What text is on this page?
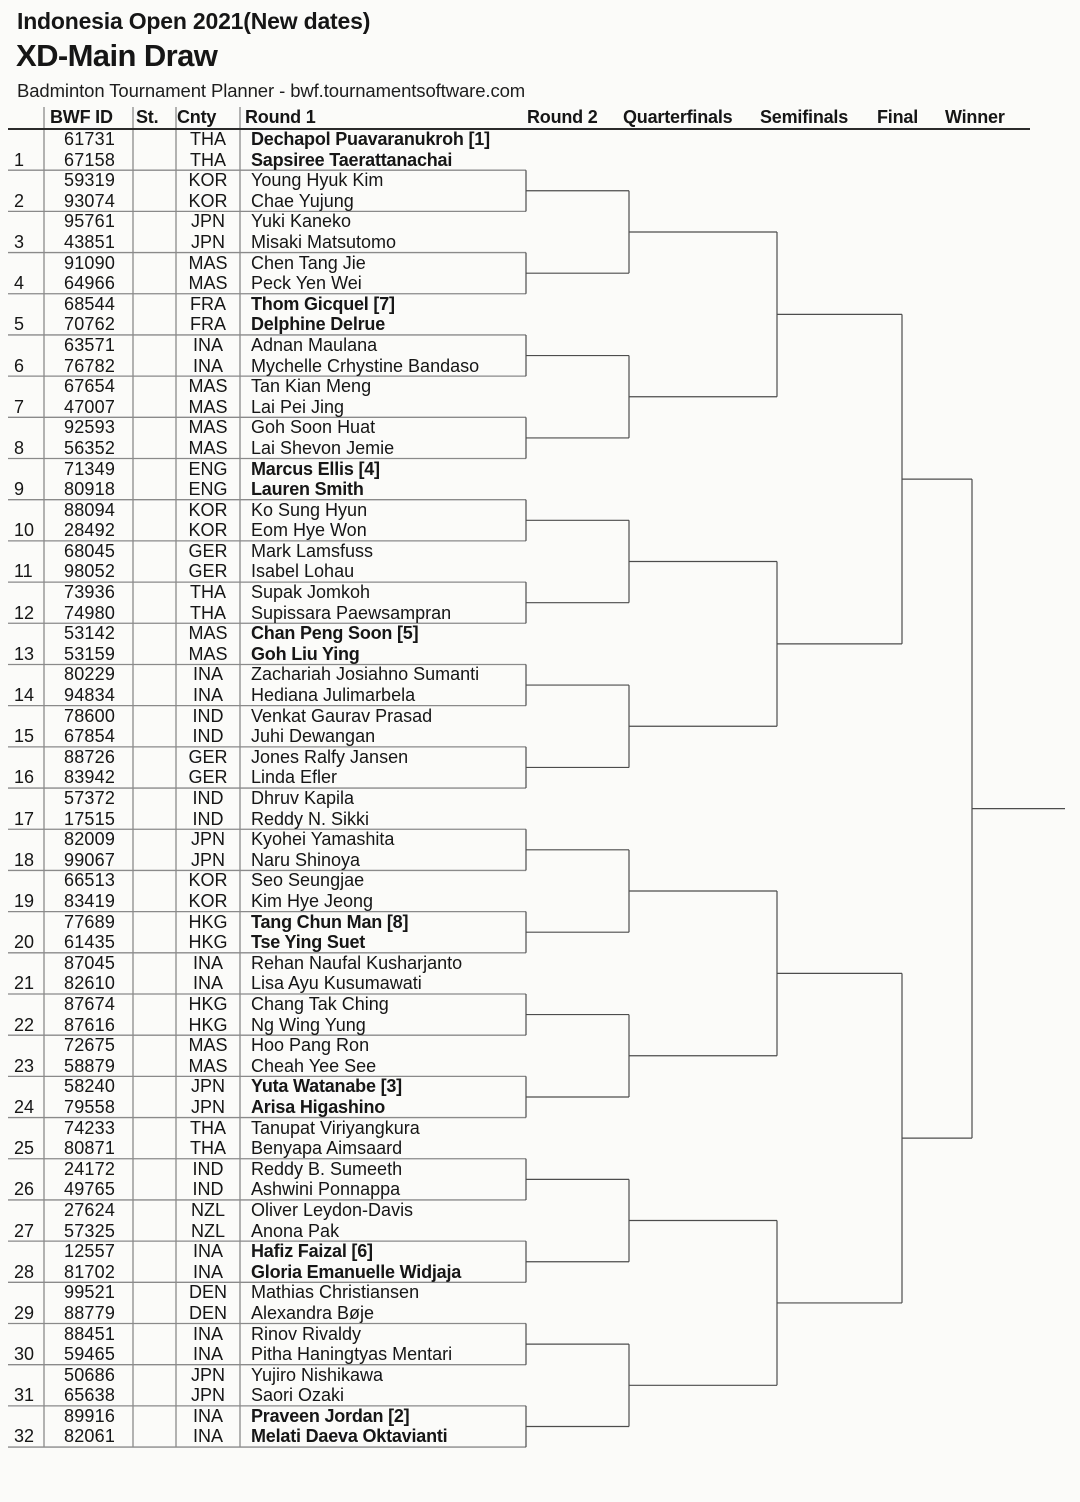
Indonesia Open 2021(New dates)
XD-Main Draw
Badminton Tournament Planner - bwf.tournamentsoftware.com
BWF ID St. Cnty Round 1	Round 2 Quarterfinals Semifinals Final Winner
61731	THA	Dechapol Puavaranukroh [1]
1	67158	THA	Sapsiree Taerattanachai
59319	KOR	Young Hyuk Kim
2	93074	KOR	Chae Yujung
95761	JPN	Yuki Kaneko
3	43851	JPN	Misaki Matsutomo
91090	MAS	Chen Tang Jie
4	64966	MAS	Peck Yen Wei
68544	FRA	Thom Gicquel [7]
5	70762	FRA	Delphine Delrue
63571	INA	Adnan Maulana
6	76782	INA	Mychelle Crhystine Bandaso
67654	MAS	Tan Kian Meng
7	47007	MAS	Lai Pei Jing
92593	MAS	Goh Soon Huat
8	56352	MAS	Lai Shevon Jemie
71349	ENG	Marcus Ellis [4]
9	80918	ENG	Lauren Smith
88094	KOR	Ko Sung Hyun
10	28492	KOR	Eom Hye Won
68045	GER	Mark Lamsfuss
11	98052	GER	Isabel Lohau
73936	THA	Supak Jomkoh
12	74980	THA	Supissara Paewsampran
53142	MAS	Chan Peng Soon [5]
13	53159	MAS	Goh Liu Ying
80229	INA	Zachariah Josiahno Sumanti
14	94834	INA	Hediana Julimarbela
78600	IND	Venkat Gaurav Prasad
15	67854	IND	Juhi Dewangan
88726	GER	Jones Ralfy Jansen
16	83942	GER	Linda Efler
57372	IND	Dhruv Kapila
17	17515	IND	Reddy N. Sikki
82009	JPN	Kyohei Yamashita
18	99067	JPN	Naru Shinoya
66513	KOR	Seo Seungjae
19	83419	KOR	Kim Hye Jeong
77689	HKG	Tang Chun Man [8]
20	61435	HKG	Tse Ying Suet
87045	INA	Rehan Naufal Kusharjanto
21	82610	INA	Lisa Ayu Kusumawati
87674	HKG	Chang Tak Ching
22	87616	HKG	Ng Wing Yung
72675	MAS	Hoo Pang Ron
23	58879	MAS	Cheah Yee See
58240	JPN	Yuta Watanabe [3]
24	79558	JPN	Arisa Higashino
74233	THA	Tanupat Viriyangkura
25	80871	THA	Benyapa Aimsaard
24172	IND	Reddy B. Sumeeth
26	49765	IND	Ashwini Ponnappa
27624	NZL	Oliver Leydon-Davis
27	57325	NZL	Anona Pak
12557	INA	Hafiz Faizal [6]
28	81702	INA	Gloria Emanuelle Widjaja
99521	DEN	Mathias Christiansen
29	88779	DEN	Alexandra Bøje
88451	INA	Rinov Rivaldy
30	59465	INA	Pitha Haningtyas Mentari
50686	JPN	Yujiro Nishikawa
31	65638	JPN	Saori Ozaki
89916	INA	Praveen Jordan [2]
32	82061	INA	Melati Daeva Oktavianti
